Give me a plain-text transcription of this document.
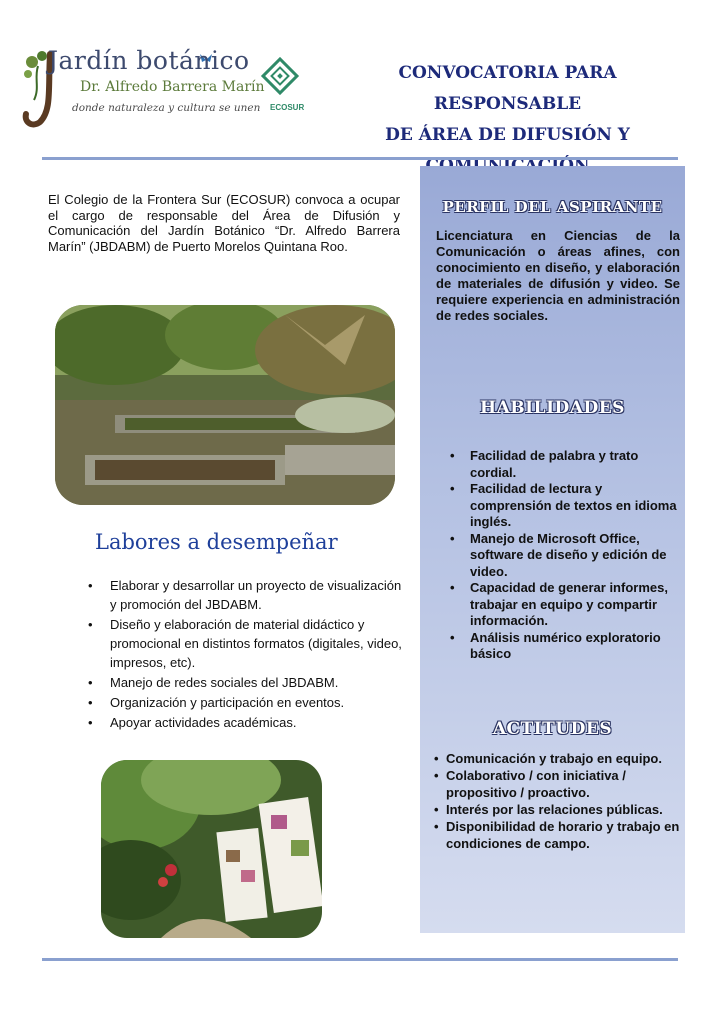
Jardín botánico
Dr. Alfredo Barrera Marín
donde naturaleza y cultura se unen ECOSUR
CONVOCATORIA PARA RESPONSABLE
DE ÁREA DE DIFUSIÓN Y
El Colegio de la Frontera Sur (ECOSUR) convoca a ocupar el cargo de responsable del Área de Difusión y Comunicación del Jardín Botánico “Dr. Alfredo Barrera Marín” (JBDABM) de Puerto Morelos Quintana Roo.
Labores a desempeñar
• Elaborar y desarrollar un proyecto de visualización y promoción del JBDABM.
• Diseño y elaboración de material didáctico y promocional en distintos formatos (digitales, video, impresos, etc).
• Manejo de redes sociales del JBDABM.
• Organización y participación en eventos.
• Apoyar actividades académicas.
PERFIL DEL ASPIRANTE
Licenciatura en Ciencias de la Comunicación o áreas afines, con conocimiento en diseño, y elaboración de materiales de difusión y video. Se requiere experiencia en administración de redes sociales.
HABILIDADES
• Facilidad de palabra y trato cordial.
• Facilidad de lectura y comprensión de textos en idioma inglés.
• Manejo de Microsoft Office, software de diseño y edición de video.
• Capacidad de generar informes, trabajar en equipo y compartir información.
• Análisis numérico exploratorio básico
ACTITUDES
• Comunicación y trabajo en equipo.
• Colaborativo / con iniciativa / propositivo / proactivo.
• Interés por las relaciones públicas.
• Disponibilidad de horario y trabajo en condiciones de campo.
